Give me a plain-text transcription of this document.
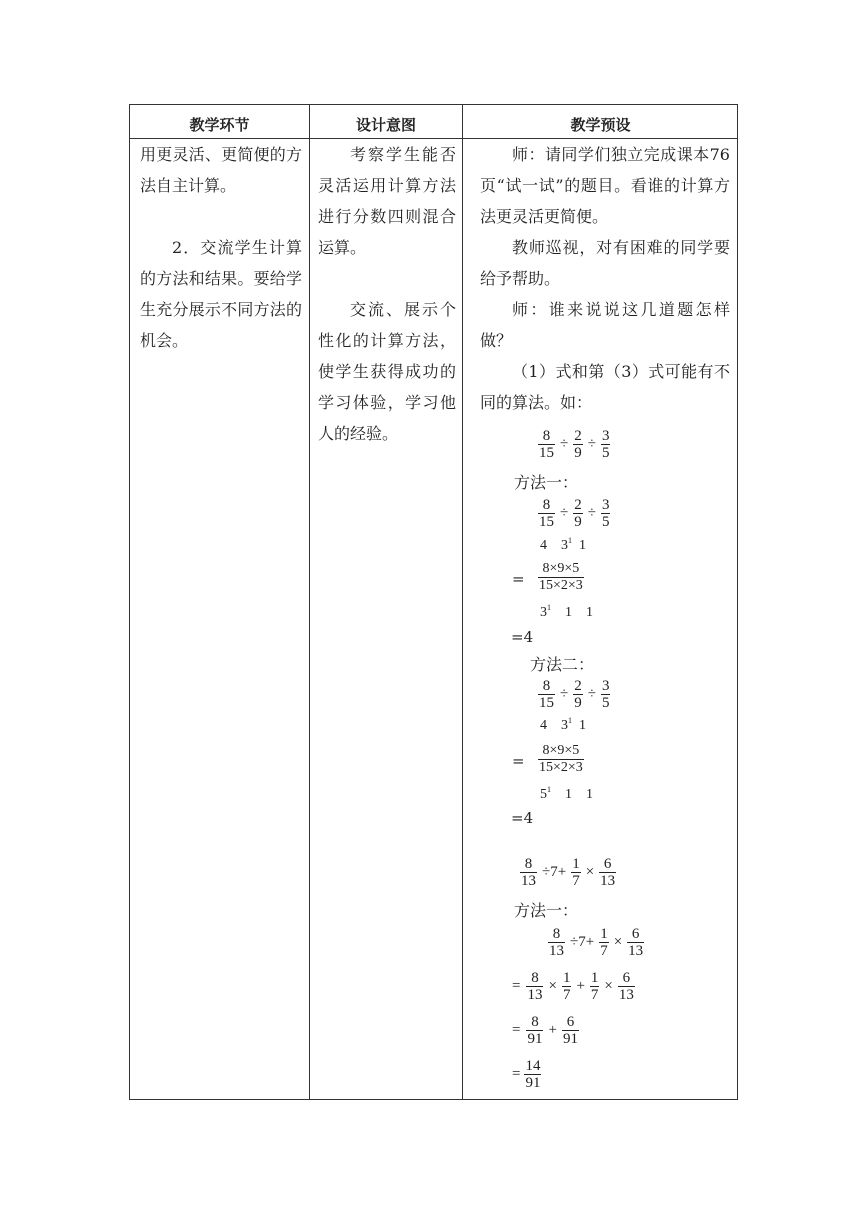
教学环节	设计意图	教学预设

用更灵活、更简便的方法自主计算。

2．交流学生计算的方法和结果。要给学生充分展示不同方法的机会。

考察学生能否灵活运用计算方法进行分数四则混合运算。

交流、展示个性化的计算方法，使学生获得成功的学习体验，学习他人的经验。

师：请同学们独立完成课本76页“试一试”的题目。看谁的计算方法更灵活更简便。

教师巡视，对有困难的同学要给予帮助。

师：谁来说说这几道题怎样做？

（1）式和第（3）式可能有不同的算法。如：

$\frac{8}{15} \div \frac{2}{9} \div \frac{3}{5}$
方法一：
$\frac{8}{15} \div \frac{2}{9} \div \frac{3}{5}$
4 $3^1$ 1
= $\frac{8\times 9\times 5}{15\times 2\times 3}$
$3^1$ 1 1
=4
方法二：
$\frac{8}{15} \div \frac{2}{9} \div \frac{3}{5}$
4 $3^1$ 1
= $\frac{8\times 9\times 5}{15\times 2\times 3}$
$5^1$ 1 1
=4
$\frac{8}{13} \div 7+ \frac{1}{7} \times \frac{6}{13}$
方法一：
$\frac{8}{13} \div 7+ \frac{1}{7} \times \frac{6}{13}$
= $\frac{8}{13} \times \frac{1}{7} + \frac{1}{7} \times \frac{6}{13}$
= $\frac{8}{91} + \frac{6}{91}$
= $\frac{14}{91}$
